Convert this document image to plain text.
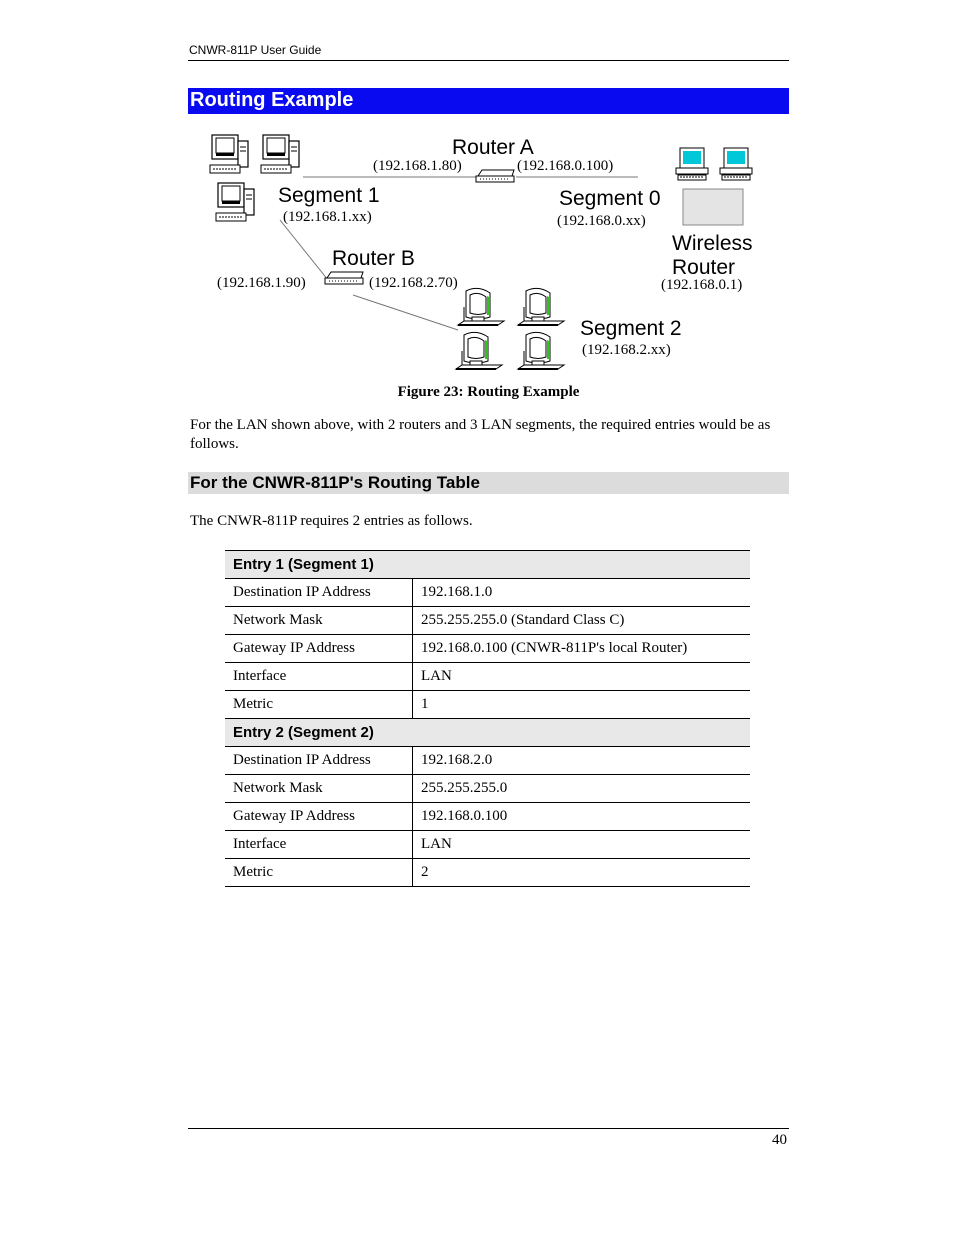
CNWR-811P User Guide
Routing Example
Router A
(192.168.1.80)	(192.168.0.100)
Segment 1
(192.168.1.xx)
Segment 0
(192.168.0.xx)
Wireless
Router
(192.168.0.1)
Router B
(192.168.1.90)	(192.168.2.70)
Segment 2
(192.168.2.xx)
Figure 23: Routing Example
For the LAN shown above, with 2 routers and 3 LAN segments, the required entries would be as follows.
For the CNWR-811P's Routing Table
The CNWR-811P requires 2 entries as follows.
Entry 1 (Segment 1)	
Destination IP Address	192.168.1.0
Network Mask	255.255.255.0 (Standard Class C)
Gateway IP Address	192.168.0.100 (CNWR-811P's local Router)
Interface	LAN
Metric	1
Entry 2 (Segment 2)	
Destination IP Address	192.168.2.0
Network Mask	255.255.255.0
Gateway IP Address	192.168.0.100
Interface	LAN
Metric	2
40
